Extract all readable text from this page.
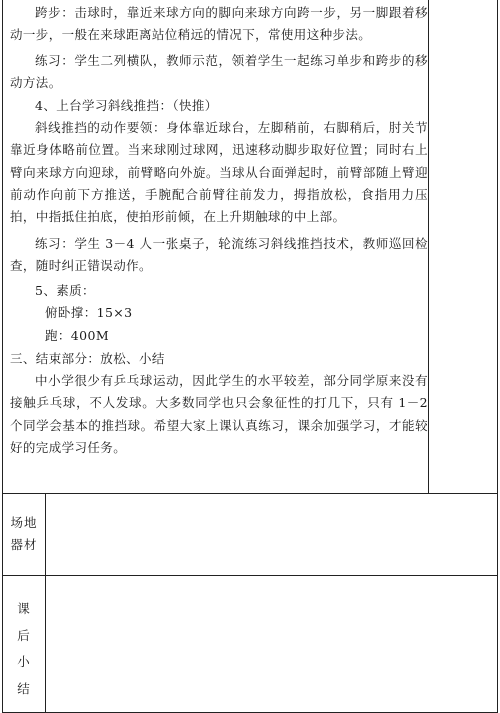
跨步：击球时，靠近来球方向的脚向来球方向跨一步，另一脚跟着移动一步，一般在来球距离站位稍远的情况下，常使用这种步法。
练习：学生二列横队，教师示范，领着学生一起练习单步和跨步的移动方法。
4、上台学习斜线推挡：（快推）
斜线推挡的动作要领：身体靠近球台，左脚稍前，右脚稍后，肘关节靠近身体略前位置。当来球刚过球网，迅速移动脚步取好位置；同时右上臂向来球方向迎球，前臂略向外旋。当球从台面弹起时，前臂部随上臂迎前动作向前下方推送，手腕配合前臂往前发力，拇指放松，食指用力压拍，中指抵住拍底，使拍形前倾，在上升期触球的中上部。
练习：学生 3－4 人一张桌子，轮流练习斜线推挡技术，教师巡回检查，随时纠正错误动作。
5、素质：
俯卧撑：15×3
跑：400M
三、结束部分：放松、小结
中小学很少有乒乓球运动，因此学生的水平较差，部分同学原来没有接触乒乓球，不人发球。大多数同学也只会象征性的打几下，只有 1－2 个同学会基本的推挡球。希望大家上课认真练习，课余加强学习，才能较好的完成学习任务。
场地
器材
课
后
小
结
